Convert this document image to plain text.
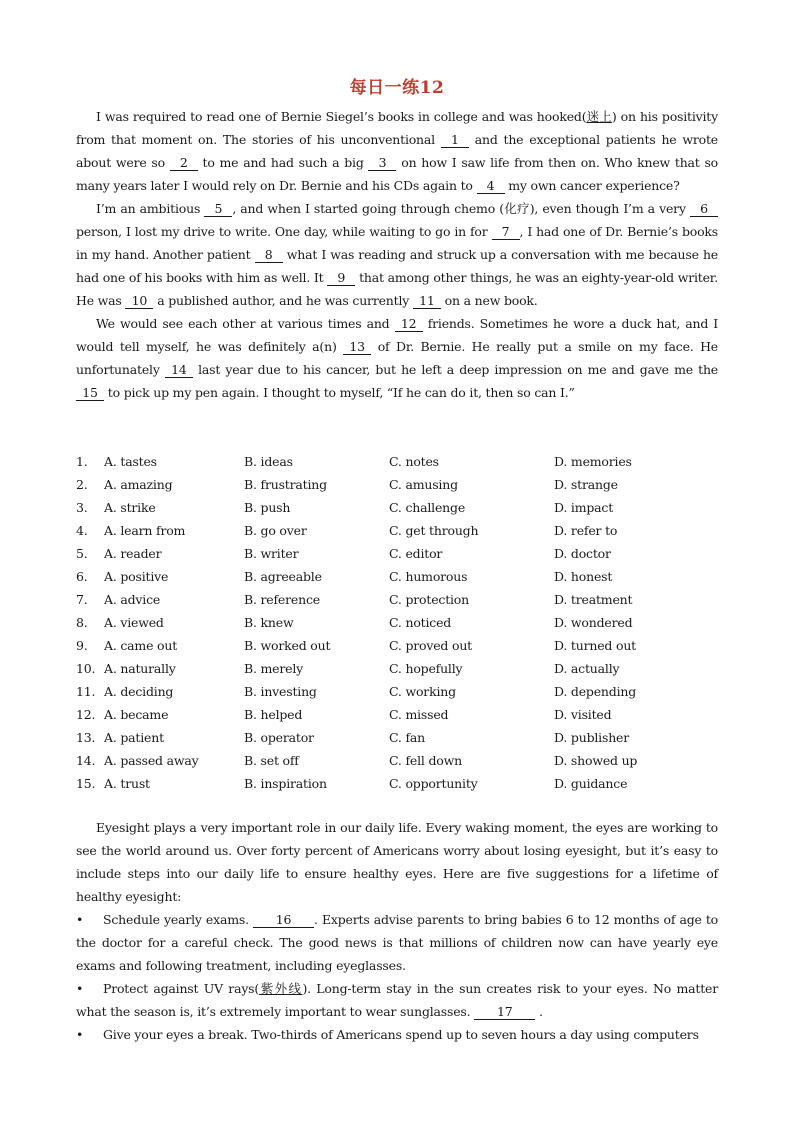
每日一练12

I was required to read one of Bernie Siegel’s books in college and was hooked(迷上) on his positivity from that moment on. The stories of his unconventional 1 and the exceptional patients he wrote about were so 2 to me and had such a big 3 on how I saw life from then on. Who knew that so many years later I would rely on Dr. Bernie and his CDs again to 4 my own cancer experience?

I’m an ambitious 5 , and when I started going through chemo (化疗), even though I’m a very 6 person, I lost my drive to write. One day, while waiting to go in for 7 , I had one of Dr. Bernie’s books in my hand. Another patient 8 what I was reading and struck up a conversation with me because he had one of his books with him as well. It 9 that among other things, he was an eighty-year-old writer. He was 10 a published author, and he was currently 11 on a new book.

We would see each other at various times and 12 friends. Sometimes he wore a duck hat, and I would tell myself, he was definitely a(n) 13 of Dr. Bernie. He really put a smile on my face. He unfortunately 14 last year due to his cancer, but he left a deep impression on me and gave me the 15 to pick up my pen again. I thought to myself, “If he can do it, then so can I.”

1.	A. tastes	B. ideas	C. notes	D. memories
2.	A. amazing	B. frustrating	C. amusing	D. strange
3.	A. strike	B. push	C. challenge	D. impact
4.	A. learn from	B. go over	C. get through	D. refer to
5.	A. reader	B. writer	C. editor	D. doctor
6.	A. positive	B. agreeable	C. humorous	D. honest
7.	A. advice	B. reference	C. protection	D. treatment
8.	A. viewed	B. knew	C. noticed	D. wondered
9.	A. came out	B. worked out	C. proved out	D. turned out
10.	A. naturally	B. merely	C. hopefully	D. actually
11.	A. deciding	B. investing	C. working	D. depending
12.	A. became	B. helped	C. missed	D. visited
13.	A. patient	B. operator	C. fan	D. publisher
14.	A. passed away	B. set off	C. fell down	D. showed up
15.	A. trust	B. inspiration	C. opportunity	D. guidance

Eyesight plays a very important role in our daily life. Every waking moment, the eyes are working to see the world around us. Over forty percent of Americans worry about losing eyesight, but it’s easy to include steps into our daily life to ensure healthy eyes. Here are five suggestions for a lifetime of healthy eyesight:

• Schedule yearly exams. 16 . Experts advise parents to bring babies 6 to 12 months of age to the doctor for a careful check. The good news is that millions of children now can have yearly eye exams and following treatment, including eyeglasses.

• Protect against UV rays(紫外线). Long-term stay in the sun creates risk to your eyes. No matter what the season is, it’s extremely important to wear sunglasses. 17 .

• Give your eyes a break. Two-thirds of Americans spend up to seven hours a day using computers
